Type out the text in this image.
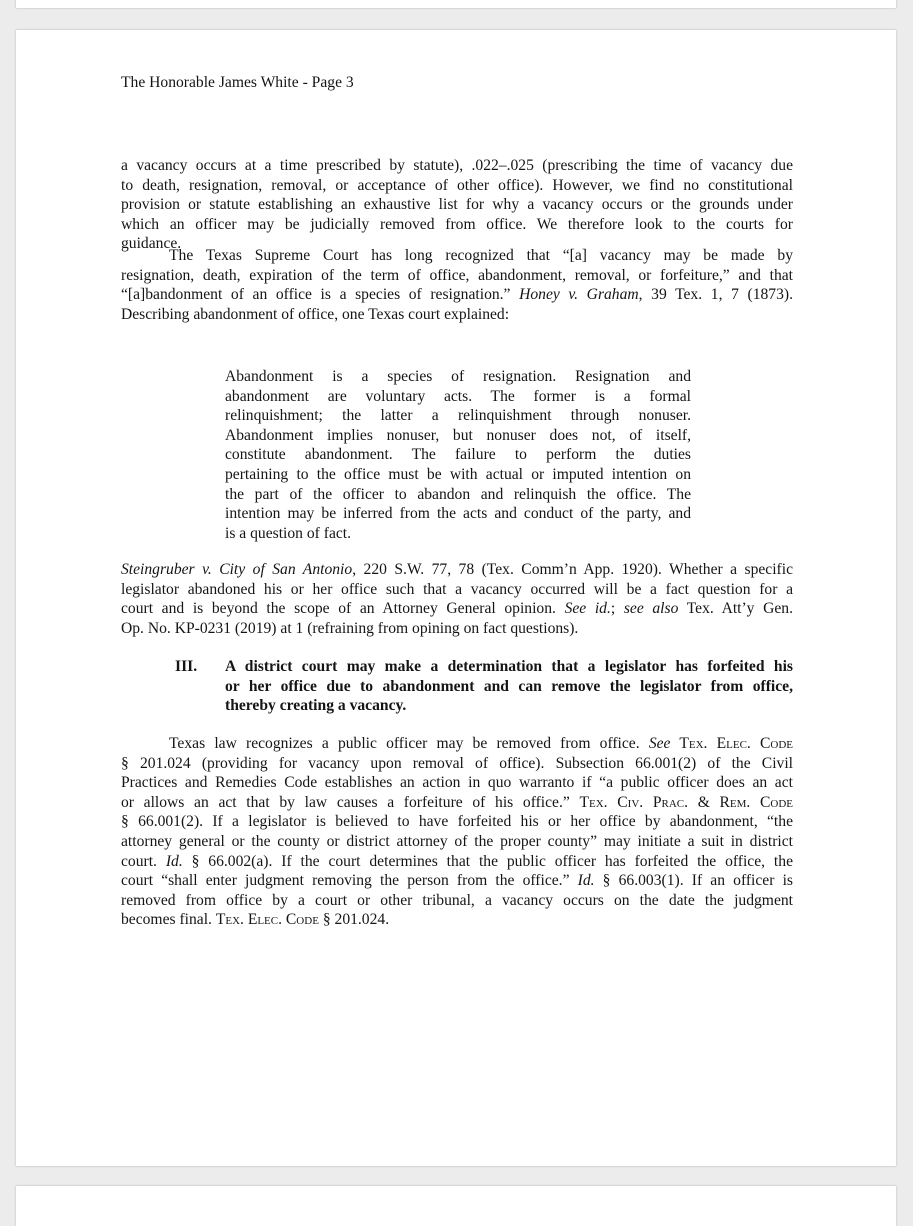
The Honorable James White - Page 3
a vacancy occurs at a time prescribed by statute), .022–.025 (prescribing the time of vacancy due
to death, resignation, removal, or acceptance of other office). However, we find no constitutional
provision or statute establishing an exhaustive list for why a vacancy occurs or the grounds under
which an officer may be judicially removed from office. We therefore look to the courts for
guidance.
The Texas Supreme Court has long recognized that “[a] vacancy may be made by
resignation, death, expiration of the term of office, abandonment, removal, or forfeiture,” and that
“[a]bandonment of an office is a species of resignation.” Honey v. Graham, 39 Tex. 1, 7 (1873).
Describing abandonment of office, one Texas court explained:
Abandonment is a species of resignation. Resignation and
abandonment are voluntary acts. The former is a formal
relinquishment; the latter a relinquishment through nonuser.
Abandonment implies nonuser, but nonuser does not, of itself,
constitute abandonment. The failure to perform the duties
pertaining to the office must be with actual or imputed intention on
the part of the officer to abandon and relinquish the office. The
intention may be inferred from the acts and conduct of the party, and
is a question of fact.
Steingruber v. City of San Antonio, 220 S.W. 77, 78 (Tex. Comm’n App. 1920). Whether a specific
legislator abandoned his or her office such that a vacancy occurred will be a fact question for a
court and is beyond the scope of an Attorney General opinion. See id.; see also Tex. Att’y Gen.
Op. No. KP-0231 (2019) at 1 (refraining from opining on fact questions).
III. A district court may make a determination that a legislator has forfeited his
or her office due to abandonment and can remove the legislator from office,
thereby creating a vacancy.
Texas law recognizes a public officer may be removed from office. See Tex. Elec. Code
§ 201.024 (providing for vacancy upon removal of office). Subsection 66.001(2) of the Civil
Practices and Remedies Code establishes an action in quo warranto if “a public officer does an act
or allows an act that by law causes a forfeiture of his office.” Tex. Civ. Prac. & Rem. Code
§ 66.001(2). If a legislator is believed to have forfeited his or her office by abandonment, “the
attorney general or the county or district attorney of the proper county” may initiate a suit in district
court. Id. § 66.002(a). If the court determines that the public officer has forfeited the office, the
court “shall enter judgment removing the person from the office.” Id. § 66.003(1). If an officer is
removed from office by a court or other tribunal, a vacancy occurs on the date the judgment
becomes final. Tex. Elec. Code § 201.024.
